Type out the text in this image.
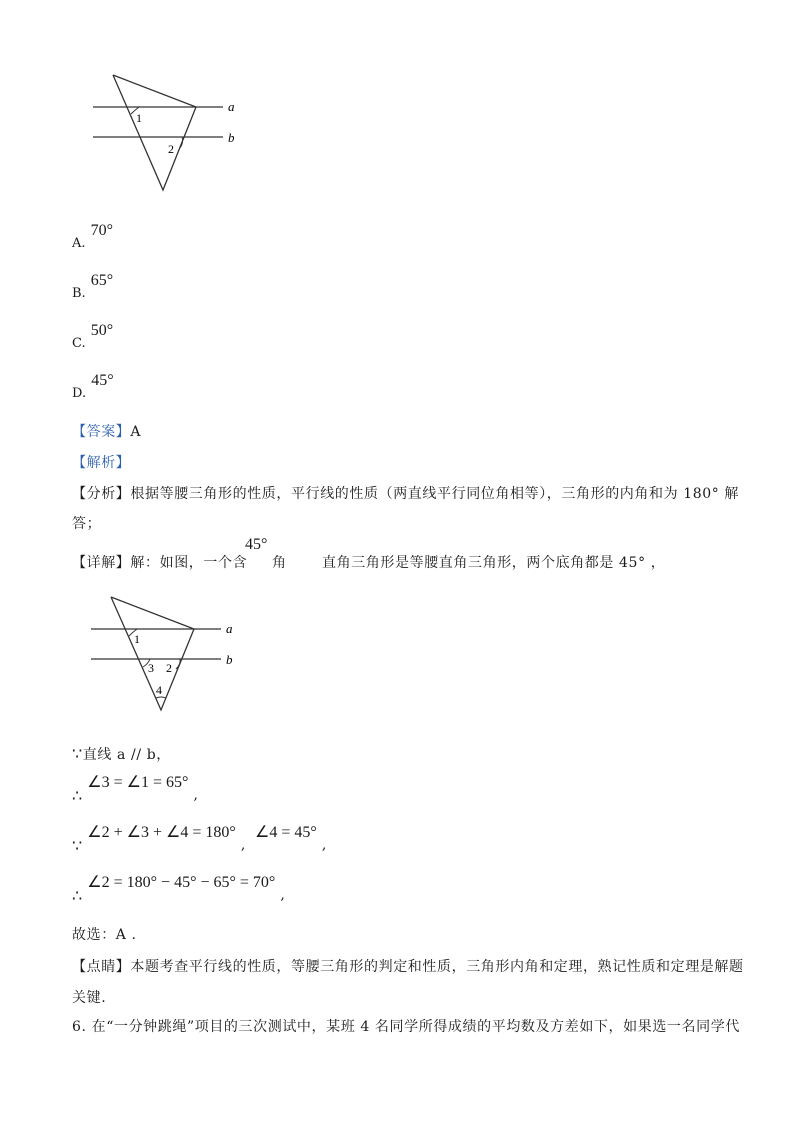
a
b
1
2
$_{A.}$ 70°
$_{B.}$ 65°
$_{C.}$ 50°
$_{D.}$ 45°
【答案】A
【解析】
【分析】根据等腰三角形的性质，平行线的性质（两直线平行同位角相等），三角形的内角和为 180° 解
答；
【详解】解：如图，一个含
45°
角	直角三角形是等腰直角三角形，两个底角都是 45° ，
a
b
1
3 2
4
∵直线 a // b，
∴ ∠3 = ∠1 = 65° ,
∵ ∠2 + ∠3 + ∠4 = 180° , ∠4 = 45° ,
∴ ∠2 = 180° − 45° − 65° = 70° ,
故选：A .
【点睛】本题考查平行线的性质，等腰三角形的判定和性质，三角形内角和定理，熟记性质和定理是解题
关键.
6. 在“一分钟跳绳”项目的三次测试中，某班 4 名同学所得成绩的平均数及方差如下，如果选一名同学代
